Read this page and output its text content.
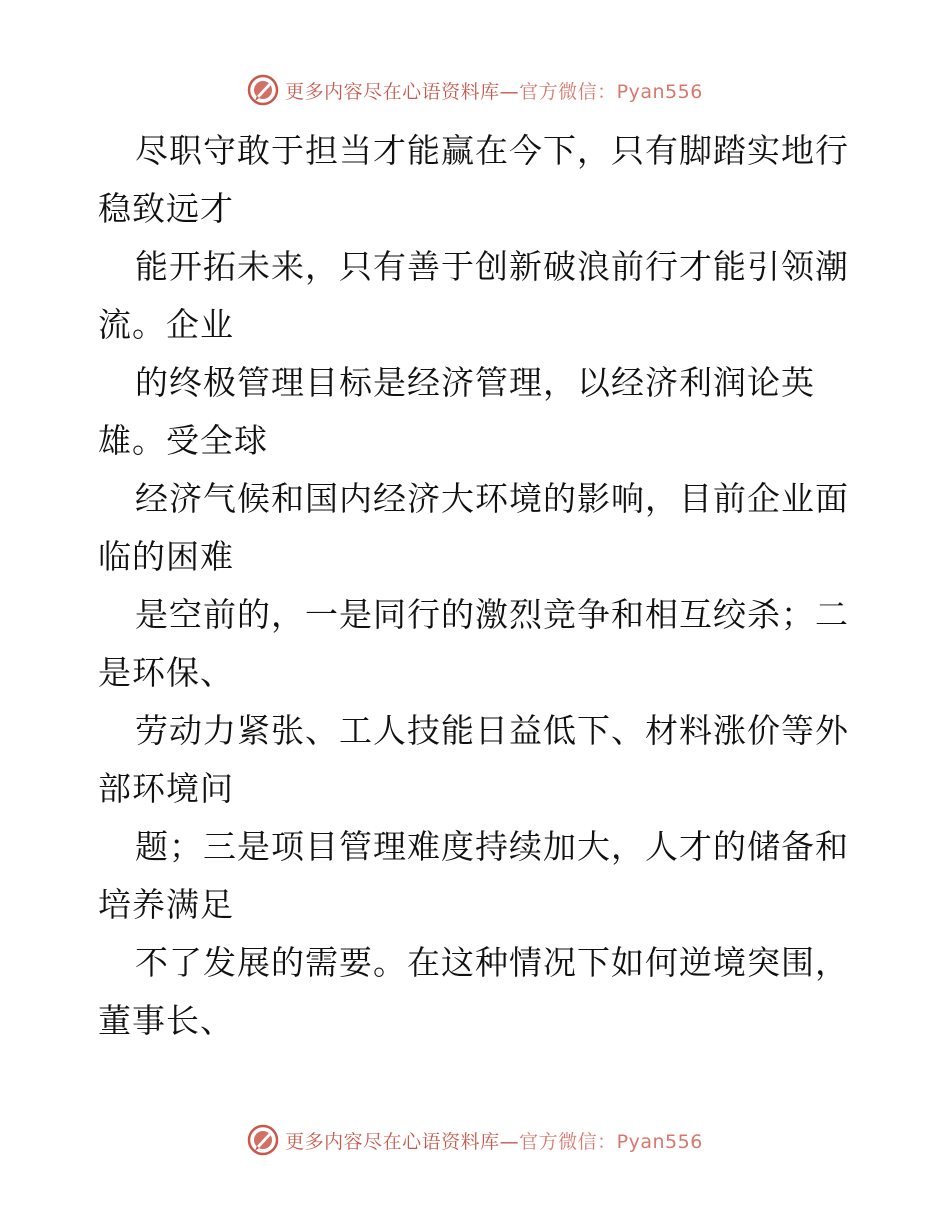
更多内容尽在心语资料库—官方微信：Pyan556
尽职守敢于担当才能赢在今下，只有脚踏实地行
稳致远才
能开拓未来，只有善于创新破浪前行才能引领潮
流。企业
的终极管理目标是经济管理，以经济利润论英
雄。受全球
经济气候和国内经济大环境的影响，目前企业面
临的困难
是空前的，一是同行的激烈竞争和相互绞杀；二
是环保、
劳动力紧张、工人技能日益低下、材料涨价等外
部环境问
题；三是项目管理难度持续加大，人才的储备和
培养满足
不了发展的需要。在这种情况下如何逆境突围，
董事长、
更多内容尽在心语资料库—官方微信：Pyan556
